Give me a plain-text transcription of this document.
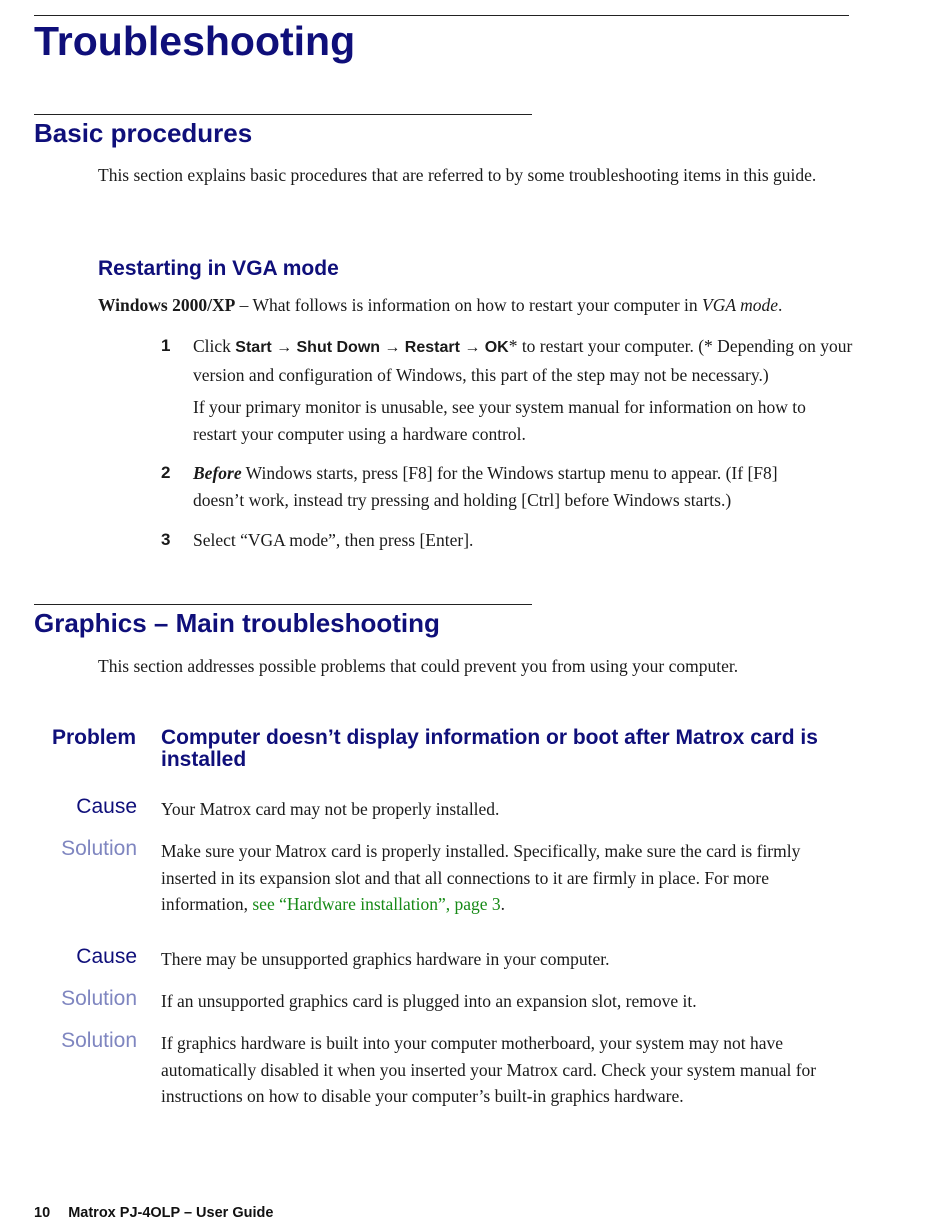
Troubleshooting
Basic procedures

This section explains basic procedures that are referred to by some troubleshooting items in this guide.

Restarting in VGA mode

Windows 2000/XP – What follows is information on how to restart your computer in VGA mode.

1 Click Start → Shut Down → Restart → OK* to restart your computer. (* Depending on your version and configuration of Windows, this part of the step may not be necessary.)

If your primary monitor is unusable, see your system manual for information on how to restart your computer using a hardware control.

2 Before Windows starts, press [F8] for the Windows startup menu to appear. (If [F8] doesn’t work, instead try pressing and holding [Ctrl] before Windows starts.)

3 Select “VGA mode”, then press [Enter].

Graphics – Main troubleshooting

This section addresses possible problems that could prevent you from using your computer.

Problem Computer doesn’t display information or boot after Matrox card is installed
Cause Your Matrox card may not be properly installed.

Solution Make sure your Matrox card is properly installed. Specifically, make sure the card is firmly inserted in its expansion slot and that all connections to it are firmly in place. For more information, see “Hardware installation”, page 3.

Cause There may be unsupported graphics hardware in your computer.

Solution If an unsupported graphics card is plugged into an expansion slot, remove it.

Solution If graphics hardware is built into your computer motherboard, your system may not have automatically disabled it when you inserted your Matrox card. Check your system manual for instructions on how to disable your computer’s built-in graphics hardware.

10 Matrox PJ-4OLP – User Guide
